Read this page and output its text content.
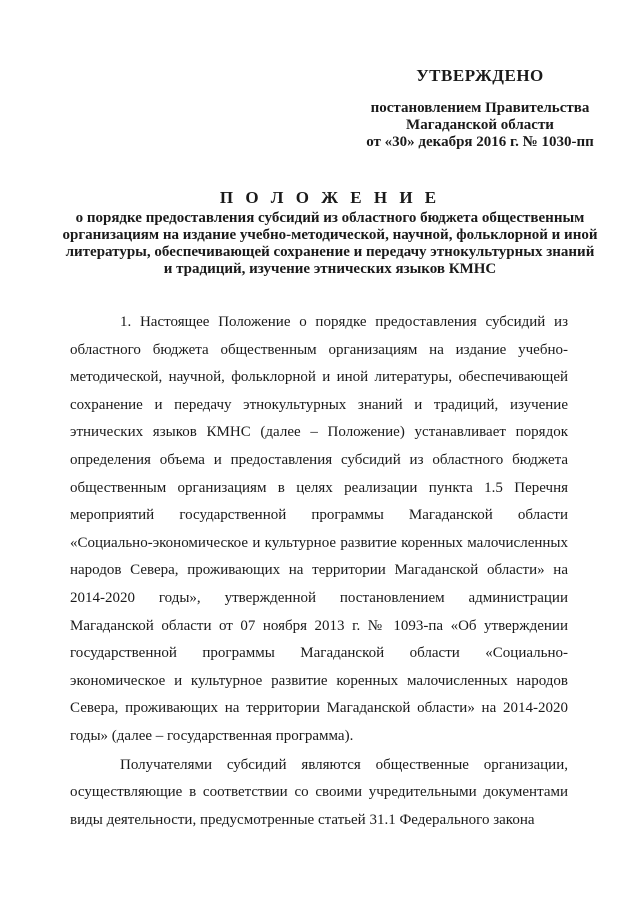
УТВЕРЖДЕНО
постановлением Правительства
Магаданской области
от «30» декабря 2016 г. № 1030-пп
П О Л О Ж Е Н И Е
о порядке предоставления субсидий из областного бюджета общественным организациям на издание учебно-методической, научной, фольклорной и иной литературы, обеспечивающей сохранение и передачу этнокультурных знаний и традиций, изучение этнических языков КМНС

1. Настоящее Положение о порядке предоставления субсидий из областного бюджета общественным организациям на издание учебно-методической, научной, фольклорной и иной литературы, обеспечивающей сохранение и передачу этнокультурных знаний и традиций, изучение этнических языков КМНС (далее – Положение) устанавливает порядок определения объема и предоставления субсидий из областного бюджета общественным организациям в целях реализации пункта 1.5 Перечня мероприятий государственной программы Магаданской области «Социально-экономическое и культурное развитие коренных малочисленных народов Севера, проживающих на территории Магаданской области» на 2014-2020 годы», утвержденной постановлением администрации Магаданской области от 07 ноября 2013 г. № 1093-па «Об утверждении государственной программы Магаданской области «Социально-экономическое и культурное развитие коренных малочисленных народов Севера, проживающих на территории Магаданской области» на 2014-2020 годы» (далее – государственная программа).

Получателями субсидий являются общественные организации, осуществляющие в соответствии со своими учредительными документами виды деятельности, предусмотренные статьей 31.1 Федерального закона
